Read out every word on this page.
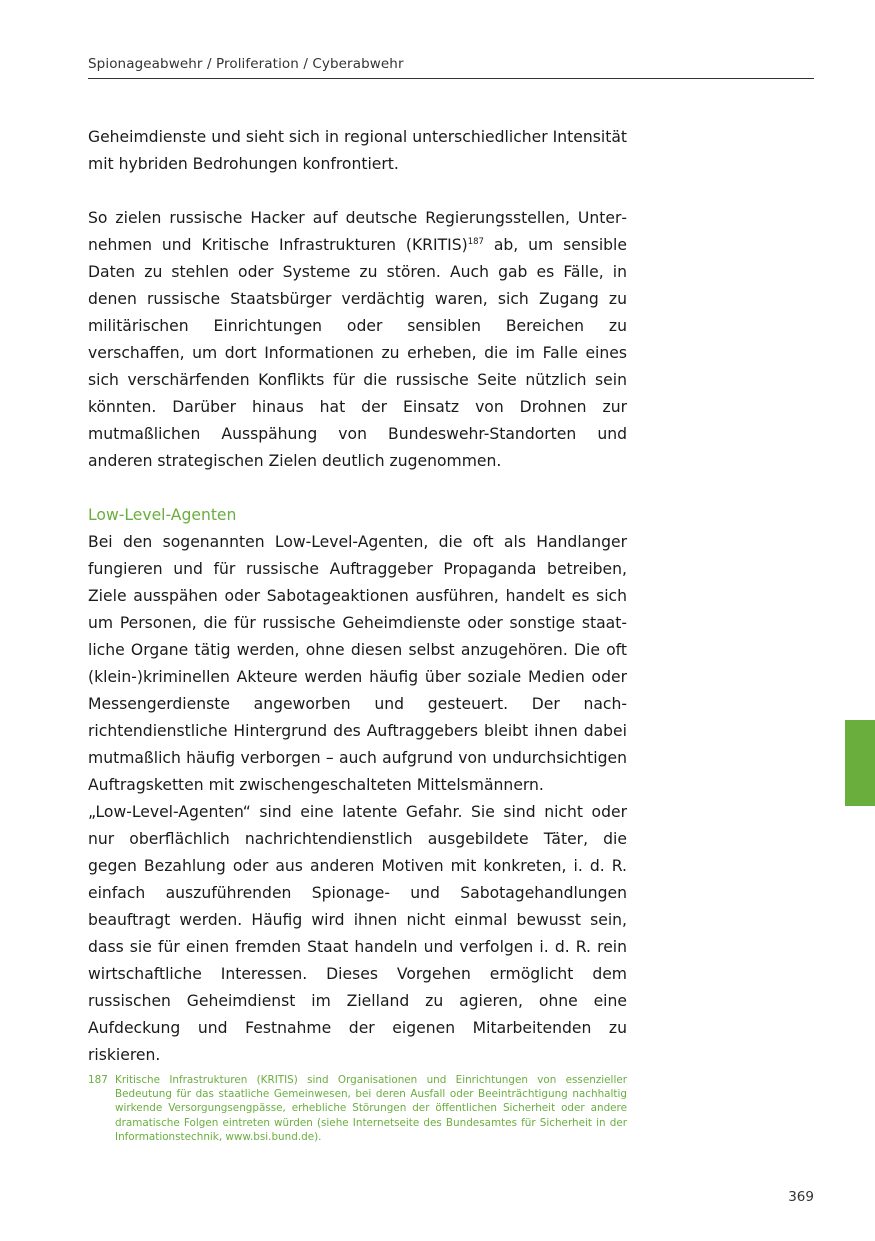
Spionageabwehr / Proliferation / Cyberabwehr

Geheimdienste und sieht sich in regional unterschiedlicher Intensität mit hybriden Bedrohungen konfrontiert.

So zielen russische Hacker auf deutsche Regierungsstellen, Unternehmen und Kritische Infrastrukturen (KRITIS)$^{187}$ ab, um sensible Daten zu stehlen oder Systeme zu stören. Auch gab es Fälle, in denen russische Staatsbürger verdächtig waren, sich Zugang zu militärischen Einrichtungen oder sensiblen Bereichen zu verschaffen, um dort Informationen zu erheben, die im Falle eines sich verschärfenden Konflikts für die russische Seite nützlich sein könnten. Darüber hinaus hat der Einsatz von Drohnen zur mutmaßlichen Ausspähung von Bundeswehr-Standorten und anderen strategischen Zielen deutlich zugenommen.

Low-Level-Agenten

Bei den sogenannten Low-Level-Agenten, die oft als Handlanger fungieren und für russische Auftraggeber Propaganda betreiben, Ziele ausspähen oder Sabotageaktionen ausführen, handelt es sich um Personen, die für russische Geheimdienste oder sonstige staatliche Organe tätig werden, ohne diesen selbst anzugehören. Die oft (klein-)kriminellen Akteure werden häufig über soziale Medien oder Messengerdienste angeworben und gesteuert. Der nachrichtendienstliche Hintergrund des Auftraggebers bleibt ihnen dabei mutmaßlich häufig verborgen – auch aufgrund von undurchsichtigen Auftragsketten mit zwischengeschalteten Mittelsmännern.

„Low-Level-Agenten“ sind eine latente Gefahr. Sie sind nicht oder nur oberflächlich nachrichtendienstlich ausgebildete Täter, die gegen Bezahlung oder aus anderen Motiven mit konkreten, i. d. R. einfach auszuführenden Spionage- und Sabotagehandlungen beauftragt werden. Häufig wird ihnen nicht einmal bewusst sein, dass sie für einen fremden Staat handeln und verfolgen i. d. R. rein wirtschaftliche Interessen. Dieses Vorgehen ermöglicht dem russischen Geheimdienst im Zielland zu agieren, ohne eine Aufdeckung und Festnahme der eigenen Mitarbeitenden zu riskieren.

187 Kritische Infrastrukturen (KRITIS) sind Organisationen und Einrichtungen von essenzieller Bedeutung für das staatliche Gemeinwesen, bei deren Ausfall oder Beeinträchtigung nachhaltig wirkende Versorgungsengpässe, erhebliche Störungen der öffentlichen Sicherheit oder andere dramatische Folgen eintreten würden (siehe Internetseite des Bundesamtes für Sicherheit in der Informationstechnik, www.bsi.bund.de).
369
